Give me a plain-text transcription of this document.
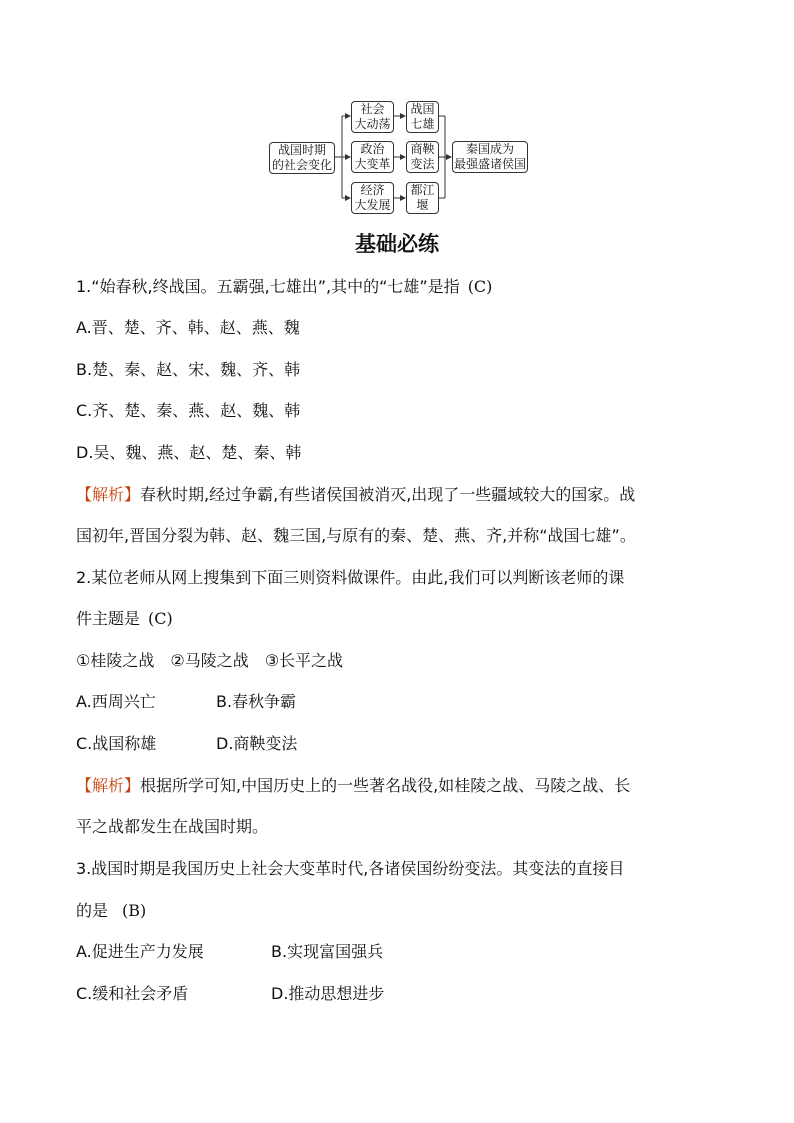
战国时期
的社会变化
社会
大动荡
政治
大变革
经济
大发展
战国
七雄
商鞅
变法
都江
堰
秦国成为
最强盛诸侯国
基础必练
1.“始春秋,终战国。五霸强,七雄出”,其中的“七雄”是指 (C)
A.晋、楚、齐、韩、赵、燕、魏
B.楚、秦、赵、宋、魏、齐、韩
C.齐、楚、秦、燕、赵、魏、韩
D.吴、魏、燕、赵、楚、秦、韩
【解析】春秋时期,经过争霸,有些诸侯国被消灭,出现了一些疆域较大的国家。战
国初年,晋国分裂为韩、赵、魏三国,与原有的秦、楚、燕、齐,并称“战国七雄”。
2.某位老师从网上搜集到下面三则资料做课件。由此,我们可以判断该老师的课
件主题是 (C)
①桂陵之战　②马陵之战　③长平之战
A.西周兴亡	B.春秋争霸
C.战国称雄	D.商鞅变法
【解析】根据所学可知,中国历史上的一些著名战役,如桂陵之战、马陵之战、长
平之战都发生在战国时期。
3.战国时期是我国历史上社会大变革时代,各诸侯国纷纷变法。其变法的直接目
的是 (B)
A.促进生产力发展	B.实现富国强兵
C.缓和社会矛盾	D.推动思想进步
